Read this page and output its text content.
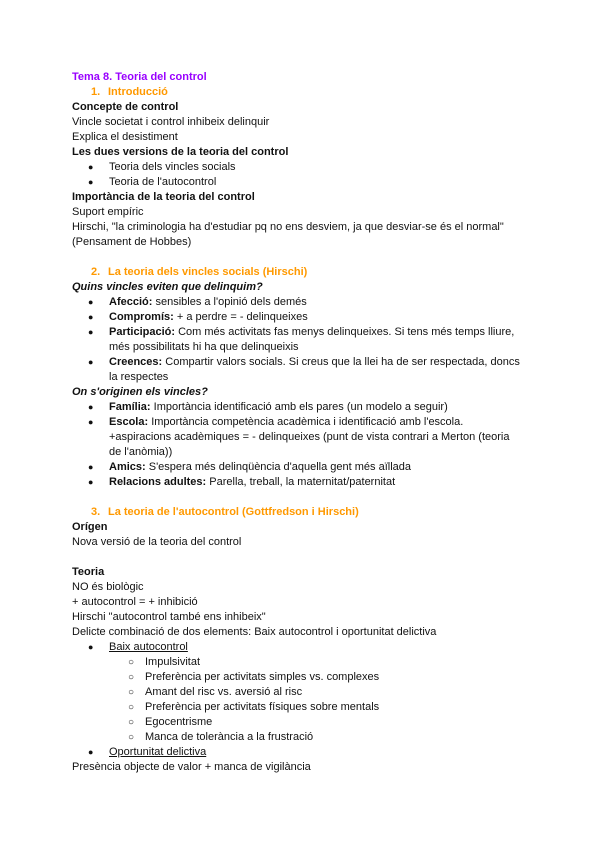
Tema 8. Teoria del control
1. Introducció
Concepte de control
Vincle societat i control inhibeix delinquir
Explica el desistiment
Les dues versions de la teoria del control
● Teoria dels vincles socials
● Teoria de l'autocontrol
Importància de la teoria del control
Suport empíric
Hirschi, "la criminologia ha d'estudiar pq no ens desviem, ja que desviar-se és el normal"
(Pensament de Hobbes)
2. La teoria dels vincles socials (Hirschi)
Quins vincles eviten que delinquim?
● Afecció: sensibles a l'opinió dels demés
● Compromís: + a perdre = - delinqueixes
● Participació: Com més activitats fas menys delinqueixes. Si tens més temps lliure,
més possibilitats hi ha que delinqueixis
● Creences: Compartir valors socials. Si creus que la llei ha de ser respectada, doncs
la respectes
On s'originen els vincles?
● Família: Importància identificació amb els pares (un modelo a seguir)
● Escola: Importància competència acadèmica i identificació amb l'escola.
+aspiracions acadèmiques = - delinqueixes (punt de vista contrari a Merton (teoria
de l'anòmia))
● Amics: S'espera més delinqüència d'aquella gent més aïllada
● Relacions adultes: Parella, treball, la maternitat/paternitat
3. La teoria de l'autocontrol (Gottfredson i Hirschi)
Orígen
Nova versió de la teoria del control
Teoria
NO és biològic
+ autocontrol = + inhibició
Hirschi "autocontrol també ens inhibeix"
Delicte combinació de dos elements: Baix autocontrol i oportunitat delictiva
● Baix autocontrol
○ Impulsivitat
○ Preferència per activitats simples vs. complexes
○ Amant del risc vs. aversió al risc
○ Preferència per activitats físiques sobre mentals
○ Egocentrisme
○ Manca de tolerància a la frustració
● Oportunitat delictiva
Presència objecte de valor + manca de vigilància
